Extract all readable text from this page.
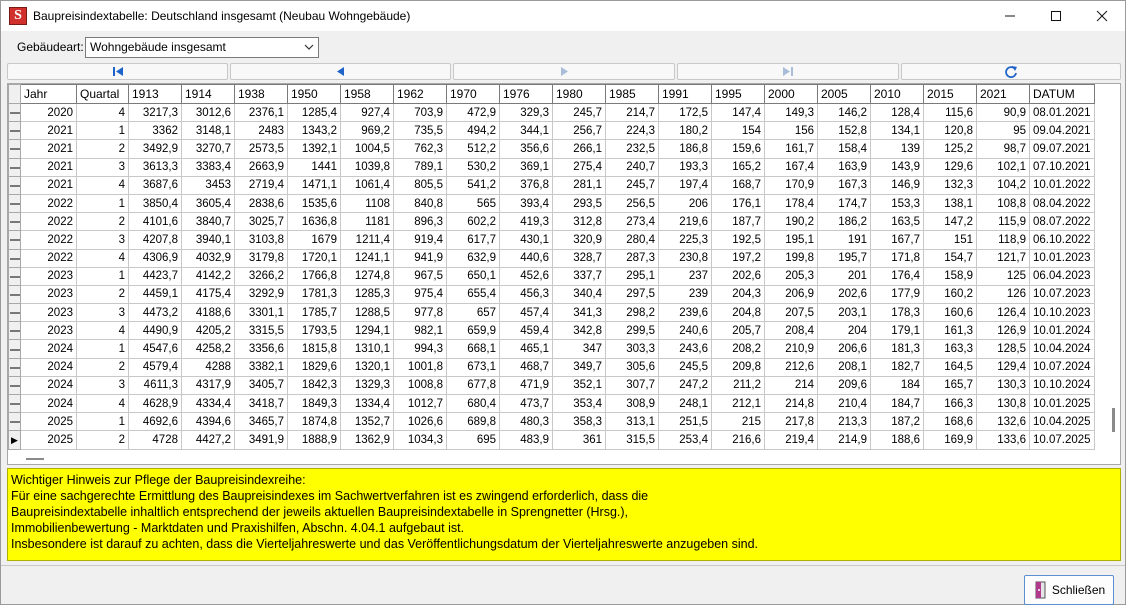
S Baupreisindextabelle: Deutschland insgesamt (Neubau Wohngebäude)
Gebäudeart: Wohngebäude insgesamt
	Jahr	Quartal	1913	1914	1938	1950	1958	1962	1970	1976	1980	1985	1991	1995	2000	2005	2010	2015	2021	DATUM
	2020	4	3217,3	3012,6	2376,1	1285,4	927,4	703,9	472,9	329,3	245,7	214,7	172,5	147,4	149,3	146,2	128,4	115,6	90,9	08.01.2021
	2021	1	3362	3148,1	2483	1343,2	969,2	735,5	494,2	344,1	256,7	224,3	180,2	154	156	152,8	134,1	120,8	95	09.04.2021
	2021	2	3492,9	3270,7	2573,5	1392,1	1004,5	762,3	512,2	356,6	266,1	232,5	186,8	159,6	161,7	158,4	139	125,2	98,7	09.07.2021
	2021	3	3613,3	3383,4	2663,9	1441	1039,8	789,1	530,2	369,1	275,4	240,7	193,3	165,2	167,4	163,9	143,9	129,6	102,1	07.10.2021
	2021	4	3687,6	3453	2719,4	1471,1	1061,4	805,5	541,2	376,8	281,1	245,7	197,4	168,7	170,9	167,3	146,9	132,3	104,2	10.01.2022
	2022	1	3850,4	3605,4	2838,6	1535,6	1108	840,8	565	393,4	293,5	256,5	206	176,1	178,4	174,7	153,3	138,1	108,8	08.04.2022
	2022	2	4101,6	3840,7	3025,7	1636,8	1181	896,3	602,2	419,3	312,8	273,4	219,6	187,7	190,2	186,2	163,5	147,2	115,9	08.07.2022
	2022	3	4207,8	3940,1	3103,8	1679	1211,4	919,4	617,7	430,1	320,9	280,4	225,3	192,5	195,1	191	167,7	151	118,9	06.10.2022
	2022	4	4306,9	4032,9	3179,8	1720,1	1241,1	941,9	632,9	440,6	328,7	287,3	230,8	197,2	199,8	195,7	171,8	154,7	121,7	10.01.2023
	2023	1	4423,7	4142,2	3266,2	1766,8	1274,8	967,5	650,1	452,6	337,7	295,1	237	202,6	205,3	201	176,4	158,9	125	06.04.2023
	2023	2	4459,1	4175,4	3292,9	1781,3	1285,3	975,4	655,4	456,3	340,4	297,5	239	204,3	206,9	202,6	177,9	160,2	126	10.07.2023
	2023	3	4473,2	4188,6	3301,1	1785,7	1288,5	977,8	657	457,4	341,3	298,2	239,6	204,8	207,5	203,1	178,3	160,6	126,4	10.10.2023
	2023	4	4490,9	4205,2	3315,5	1793,5	1294,1	982,1	659,9	459,4	342,8	299,5	240,6	205,7	208,4	204	179,1	161,3	126,9	10.01.2024
	2024	1	4547,6	4258,2	3356,6	1815,8	1310,1	994,3	668,1	465,1	347	303,3	243,6	208,2	210,9	206,6	181,3	163,3	128,5	10.04.2024
	2024	2	4579,4	4288	3382,1	1829,6	1320,1	1001,8	673,1	468,7	349,7	305,6	245,5	209,8	212,6	208,1	182,7	164,5	129,4	10.07.2024
	2024	3	4611,3	4317,9	3405,7	1842,3	1329,3	1008,8	677,8	471,9	352,1	307,7	247,2	211,2	214	209,6	184	165,7	130,3	10.10.2024
	2024	4	4628,9	4334,4	3418,7	1849,3	1334,4	1012,7	680,4	473,7	353,4	308,9	248,1	212,1	214,8	210,4	184,7	166,3	130,8	10.01.2025
	2025	1	4692,6	4394,6	3465,7	1874,8	1352,7	1026,6	689,8	480,3	358,3	313,1	251,5	215	217,8	213,3	187,2	168,6	132,6	10.04.2025
▶	2025	2	4728	4427,2	3491,9	1888,9	1362,9	1034,3	695	483,9	361	315,5	253,4	216,6	219,4	214,9	188,6	169,9	133,6	10.07.2025
Wichtiger Hinweis zur Pflege der Baupreisindexreihe:
Für eine sachgerechte Ermittlung des Baupreisindexes im Sachwertverfahren ist es zwingend erforderlich, dass die
Baupreisindextabelle inhaltlich entsprechend der jeweils aktuellen Baupreisindextabelle in Sprengnetter (Hrsg.),
Immobilienbewertung - Marktdaten und Praxishilfen, Abschn. 4.04.1 aufgebaut ist.
Insbesondere ist darauf zu achten, dass die Vierteljahreswerte und das Veröffentlichungsdatum der Vierteljahreswerte anzugeben sind.
Schließen
